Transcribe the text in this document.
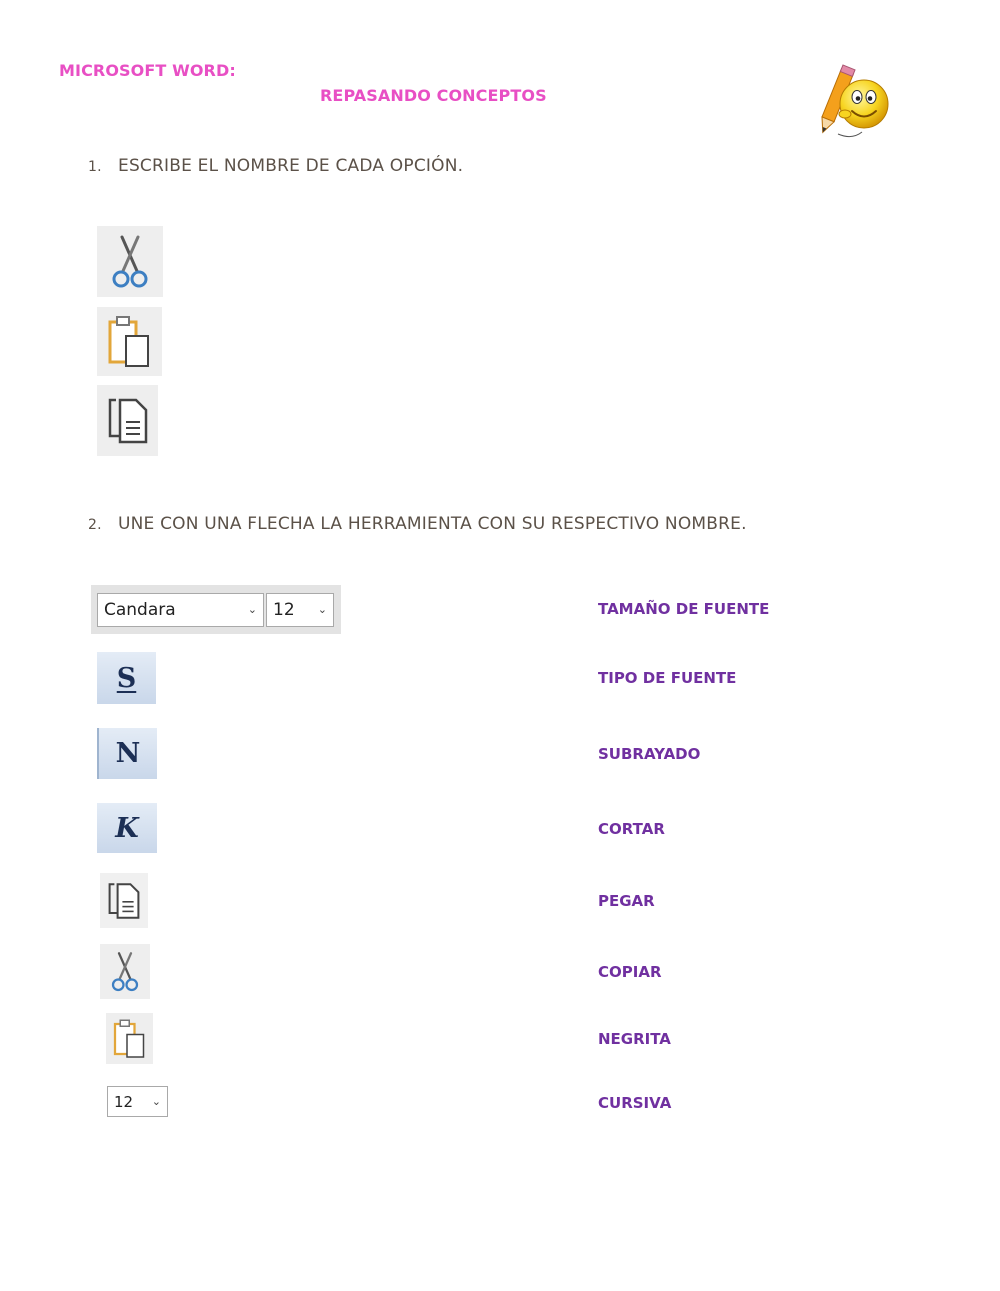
MICROSOFT WORD:
REPASANDO CONCEPTOS
1. ESCRIBE EL NOMBRE DE CADA OPCIÓN.
2. UNE CON UNA FLECHA LA HERRAMIENTA CON SU RESPECTIVO NOMBRE.
Candara	⌄ 12 ⌄
S
N
K
12 ⌄
TAMAÑO DE FUENTE
TIPO DE FUENTE
SUBRAYADO
CORTAR
PEGAR
COPIAR
NEGRITA
CURSIVA
